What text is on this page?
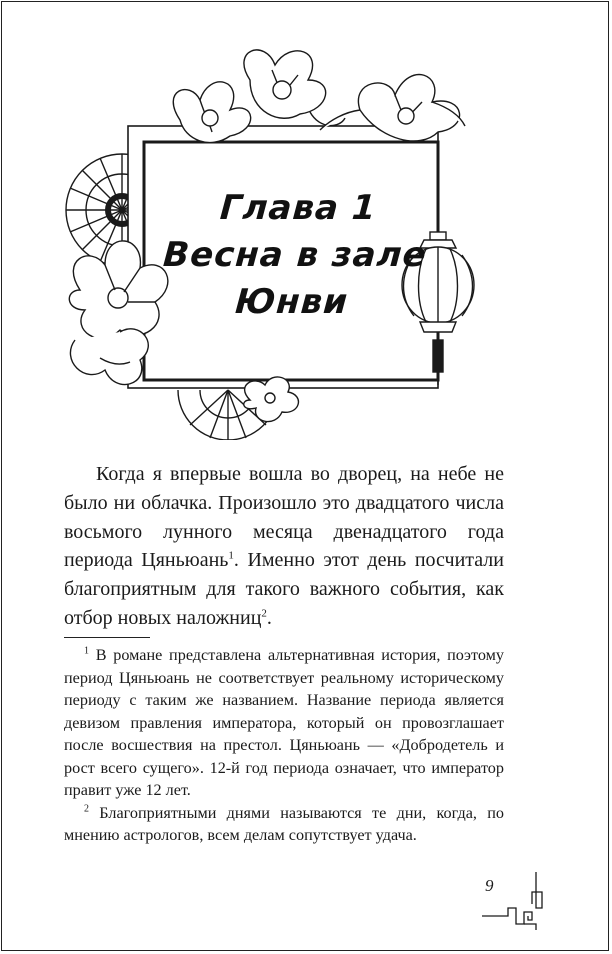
Глава 1
Весна в зале
Юнви

Когда я впервые вошла во дворец, на небе не было ни облачка. Произошло это двадцатого числа восьмого лунного месяца двенадцатого года периода Цяньюань$^1$. Именно этот день посчитали благоприятным для такого важного события, как отбор новых наложниц$^2$.

$^1$ В романе представлена альтернативная история, поэтому период Цяньюань не соответствует реальному историческому периоду с таким же названием. Название периода является девизом правления императора, который он провозглашает после восшествия на престол. Цяньюань — «Добродетель и рост всего сущего». 12-й год периода означает, что император правит уже 12 лет.

$^2$ Благоприятными днями называются те дни, когда, по мнению астрологов, всем делам сопутствует удача.

9
